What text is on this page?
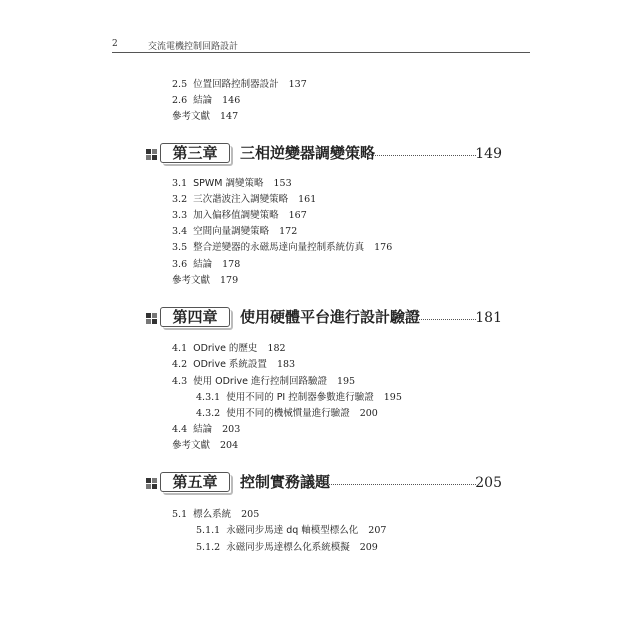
2	交流電機控制回路設計
2.5 位置回路控制器設計 137
2.6 結論 146
參考文獻 147
第三章	三相逆變器調變策略	149
3.1 SPWM 調變策略 153
3.2 三次諧波注入調變策略 161
3.3 加入偏移值調變策略 167
3.4 空間向量調變策略 172
3.5 整合逆變器的永磁馬達向量控制系統仿真 176
3.6 結論 178
參考文獻 179
第四章	使用硬體平台進行設計驗證	181
4.1 ODrive 的歷史 182
4.2 ODrive 系統設置 183
4.3 使用 ODrive 進行控制回路驗證 195
4.3.1 使用不同的 PI 控制器參數進行驗證 195
4.3.2 使用不同的機械慣量進行驗證 200
4.4 結論 203
參考文獻 204
第五章	控制實務議題	205
5.1 標么系統 205
5.1.1 永磁同步馬達 dq 軸模型標么化 207
5.1.2 永磁同步馬達標么化系統模擬 209
